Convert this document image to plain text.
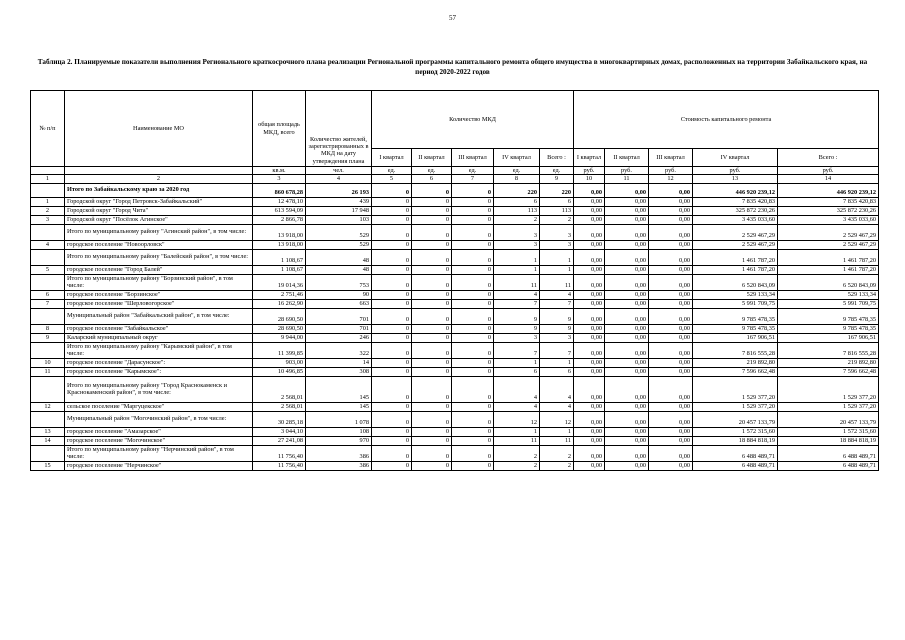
57
Таблица 2. Планируемые показатели выполнения Регионального краткосрочного плана реализации Региональной программы капитального ремонта общего имущества в многоквартирных домах, расположенных на территории Забайкальского края, на период 2020-2022 годов
№ п/п	Наименование МО	общая площадь МКД, всего	Количество жителей, зарегистрированных в МКД на дату утверждения плана	Количество МКД					Стоимость капитального ремонта				
				I квартал	II квартал	III квартал	IV квартал	Всего :	I квартал	II квартал	III квартал	IV квартал	Всего :
		кв.м.	чел.	ед.	ед.	ед.	ед.	ед.	руб.	руб.	руб.	руб.	руб.
1	2	3	4	5	6	7	8	9	10	11	12	13	14
	Итого по Забайкальскому краю за 2020 год	860 678,28	26 193	0	0	0	220	220	0,00	0,00	0,00	446 920 239,12	446 920 239,12
1	Городской округ "Город Петровск-Забайкальский"	12 478,10	439	0	0	0	6	6	0,00	0,00	0,00	7 835 420,83	7 835 420,83
2	Городской округ "Город Чита"	613 594,09	17 948	0	0	0	113	113	0,00	0,00	0,00	325 872 230,26	325 872 230,26
3	Городской округ "Посёлок Агинское"	2 866,78	103	0	0	0	2	2	0,00	0,00	0,00	3 435 033,60	3 435 033,60
	Итого по муниципальному району "Агинский район", в том числе:	13 918,00	529	0	0	0	3	3	0,00	0,00	0,00	2 529 467,29	2 529 467,29
4	городское поселение "Новоорловск"	13 918,00	529	0	0	0	3	3	0,00	0,00	0,00	2 529 467,29	2 529 467,29
	Итого по муниципальному району "Балейский район", в том числе:	1 108,67	48	0	0	0	1	1	0,00	0,00	0,00	1 461 787,20	1 461 787,20
5	городское поселение "Город Балей"	1 108,67	48	0	0	0	1	1	0,00	0,00	0,00	1 461 787,20	1 461 787,20
	Итого по муниципальному району "Борзинский район", в том числе:	19 014,36	753	0	0	0	11	11	0,00	0,00	0,00	6 520 843,09	6 520 843,09
6	городское поселение "Борзинское"	2 751,46	90	0	0	0	4	4	0,00	0,00	0,00	529 133,34	529 133,34
7	городское поселение "Шерловогорское"	16 262,90	663	0	0	0	7	7	0,00	0,00	0,00	5 991 709,75	5 991 709,75
	Муниципальный район "Забайкальский район", в том числе:	28 690,50	701	0	0	0	9	9	0,00	0,00	0,00	9 785 478,35	9 785 478,35
8	городское поселение "Забайкальское"	28 690,50	701	0	0	0	9	9	0,00	0,00	0,00	9 785 478,35	9 785 478,35
9	Каларский муниципальный округ	9 944,00	246	0	0	0	3	3	0,00	0,00	0,00	167 906,51	167 906,51
	Итого по муниципальному району "Карымский район", в том числе:	11 399,85	322	0	0	0	7	7	0,00	0,00	0,00	7 816 555,28	7 816 555,28
10	городское поселение "Дарасунское":	903,00	14	0	0	0	1	1	0,00	0,00	0,00	219 892,80	219 892,80
11	городское поселение "Карымское":	10 496,85	308	0	0	0	6	6	0,00	0,00	0,00	7 596 662,48	7 596 662,48
	Итого по муниципальному району "Город Краснокаменск и Краснокаменский район", в том числе:	2 568,01	145	0	0	0	4	4	0,00	0,00	0,00	1 529 377,20	1 529 377,20
12	сельское поселение "Маргуцекское"	2 568,01	145	0	0	0	4	4	0,00	0,00	0,00	1 529 377,20	1 529 377,20
	Муниципальный район "Могочинский район", в том числе:	30 285,18	1 078	0	0	0	12	12	0,00	0,00	0,00	20 457 133,79	20 457 133,79
13	городское поселение "Амазарское"	3 044,10	108	0	0	0	1	1	0,00	0,00	0,00	1 572 315,60	1 572 315,60
14	городское поселение "Могочинское"	27 241,08	970	0	0	0	11	11	0,00	0,00	0,00	18 884 818,19	18 884 818,19
	Итого по муниципальному району "Нерчинский район", в том числе:	11 756,40	386	0	0	0	2	2	0,00	0,00	0,00	6 488 489,71	6 488 489,71
15	городское поселение "Нерчинское"	11 756,40	386	0	0	0	2	2	0,00	0,00	0,00	6 488 489,71	6 488 489,71
